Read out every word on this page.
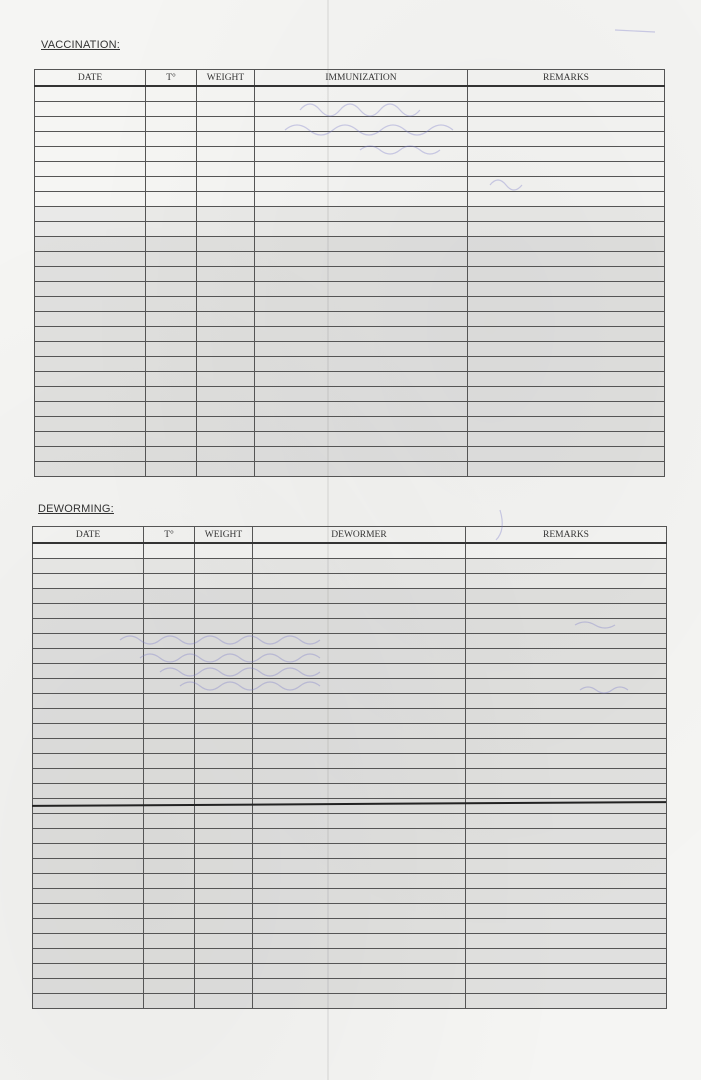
VACCINATION:
DATE	T°	WEIGHT	IMMUNIZATION	REMARKS

DEWORMING:
DATE	T°	WEIGHT	DEWORMER	REMARKS
